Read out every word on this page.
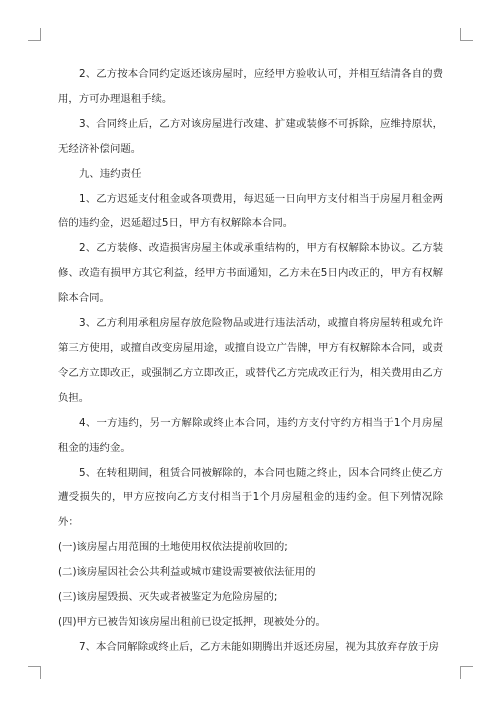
2、乙方按本合同约定返还该房屋时，应经甲方验收认可，并相互结清各自的费用，方可办理退租手续。

3、合同终止后，乙方对该房屋进行改建、扩建或装修不可拆除，应维持原状，无经济补偿问题。

九、违约责任

1、乙方迟延支付租金或各项费用，每迟延一日向甲方支付相当于房屋月租金两倍的违约金，迟延超过5日，甲方有权解除本合同。

2、乙方装修、改造损害房屋主体或承重结构的，甲方有权解除本协议。乙方装修、改造有损甲方其它利益，经甲方书面通知，乙方未在5日内改正的，甲方有权解除本合同。

3、乙方利用承租房屋存放危险物品或进行违法活动，或擅自将房屋转租或允许第三方使用，或擅自改变房屋用途，或擅自设立广告牌，甲方有权解除本合同，或责令乙方立即改正，或强制乙方立即改正，或替代乙方完成改正行为，相关费用由乙方负担。

4、一方违约，另一方解除或终止本合同，违约方支付守约方相当于1个月房屋租金的违约金。

5、在转租期间，租赁合同被解除的，本合同也随之终止，因本合同终止使乙方遭受损失的，甲方应按向乙方支付相当于1个月房屋租金的违约金。但下列情况除外：

(一)该房屋占用范围的土地使用权依法提前收回的;

(二)该房屋因社会公共利益或城市建设需要被依法征用的

(三)该房屋毁损、灭失或者被鉴定为危险房屋的;

(四)甲方已被告知该房屋出租前已设定抵押，现被处分的。

7、本合同解除或终止后，乙方未能如期腾出并返还房屋，视为其放弃存放于房
